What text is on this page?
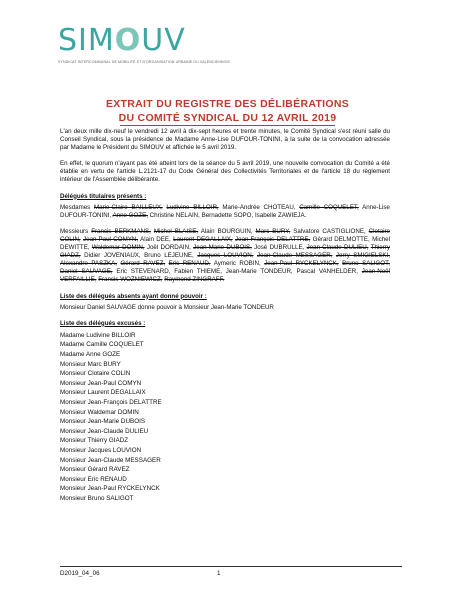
SIMOUV
SYNDICAT INTERCOMMUNAL DE MOBILITÉ ET D'ORGANISATION URBAINE DU VALENCIENNOIS
EXTRAIT DU REGISTRE DES DÉLIBÉRATIONS
DU COMITÉ SYNDICAL DU 12 AVRIL 2019

L'an deux mille dix-neuf le vendredi 12 avril à dix-sept heures et trente minutes, le Comité Syndical s'est réuni salle du Conseil Syndical, sous la présidence de Madame Anne-Lise DUFOUR-TONINI, à la suite de la convocation adressée par Madame le Président du SIMOUV et affichée le 5 avril 2019.

En effet, le quorum n'ayant pas été atteint lors de la séance du 5 avril 2019, une nouvelle convocation du Comité a été établie en vertu de l'article L.2121-17 du Code Général des Collectivités Territoriales et de l'article 18 du règlement intérieur de l'Assemblée délibérante.

Délégués titulaires présents :
Mesdames Marie-Claire BAILLEUX, Ludivine BILLOIR, Marie-Andrée CHOTEAU, Camille COQUELET, Anne-Lise DUFOUR-TONINI, Anne GOZE, Christine NELAIN, Bernadette SOPO, Isabelle ZAWIEJA.
Messieurs Francis BERKMANS, Michel BLAISE, Alain BOURGUIN, Marc BURY, Salvatore CASTIGLIONE, Clotaire COLIN, Jean-Paul COMYN, Alain DEE, Laurent DEGALLAIX, Jean-François DELATTRE, Gérard DELMOTTE, Michel DEWITTE, Waldemar DOMIN, Joël DORDAIN, Jean-Marie DUBOIS, José DUBRULLE, Jean-Claude DULIEU, Thierry GIADZ, Didier JOVENIAUX, Bruno LEJEUNE, Jacques LOUVION, Jean-Claude MESSAGER, Jerry SMIGIELSKI, Alexandre PASZKA, Gérard RAVEZ, Eric RENAUD, Aymeric ROBIN, Jean-Paul RYCKELYNCK, Bruno SALIGOT, Daniel SAUVAGE, Eric STEVENARD, Fabien THIEME, Jean-Marie TONDEUR, Pascal VANHELDER, Jean-Noël VERFAILLIE, Francis WOZNIEWICZ, Raymond ZINGRAFF.
Liste des délégués absents ayant donné pouvoir :
Monsieur Daniel SAUVAGE donne pouvoir à Monsieur Jean-Marie TONDEUR
Liste des délégués excusés :
Madame Ludivine BILLOIR
Madame Camille COQUELET
Madame Anne GOZE
Monsieur Marc BURY
Monsieur Clotaire COLIN
Monsieur Jean-Paul COMYN
Monsieur Laurent DEGALLAIX
Monsieur Jean-François DELATTRE
Monsieur Waldemar DOMIN
Monsieur Jean-Marie DUBOIS
Monsieur Jean-Claude DULIEU
Monsieur Thierry GIADZ
Monsieur Jacques LOUVION
Monsieur Jean-Claude MESSAGER
Monsieur Gérard RAVEZ
Monsieur Eric RENAUD
Monsieur Jean-Paul RYCKELYNCK
Monsieur Bruno SALIGOT
D2019_04_06	1
